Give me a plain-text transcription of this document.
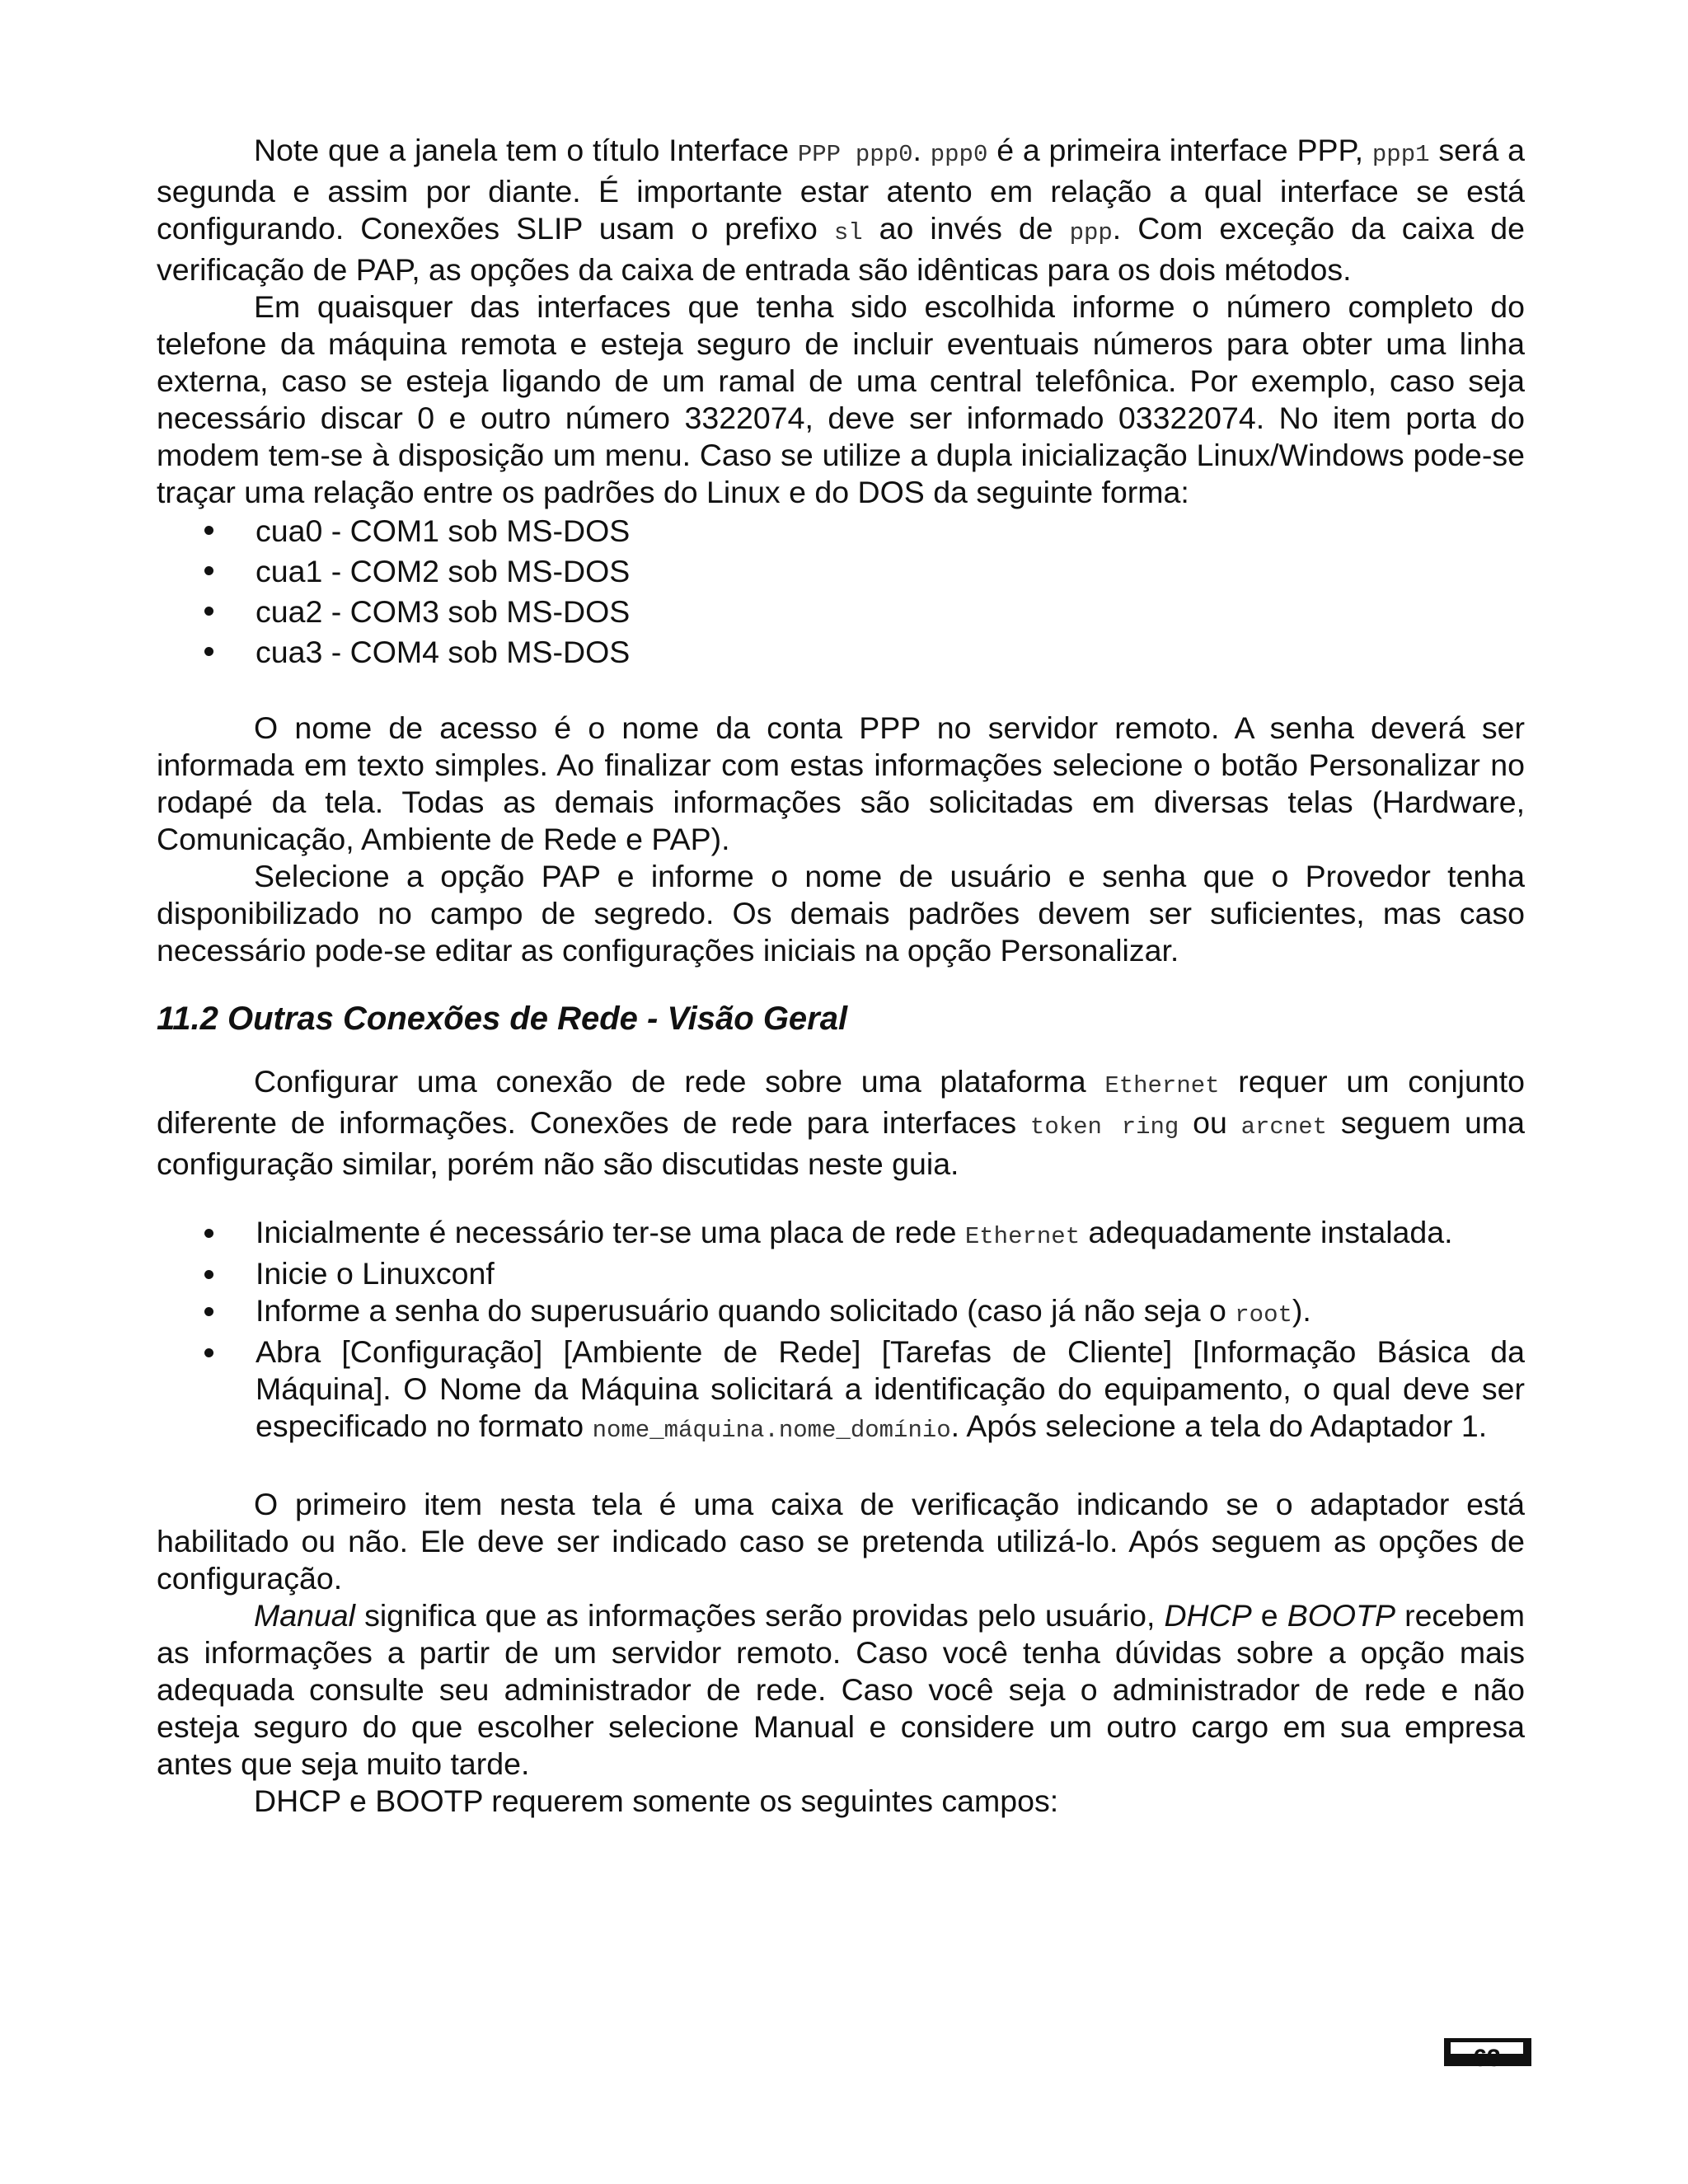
Note que a janela tem o título Interface PPP ppp0. ppp0 é a primeira interface PPP, ppp1 será a segunda e assim por diante. É importante estar atento em relação a qual interface se está configurando. Conexões SLIP usam o prefixo sl ao invés de ppp. Com exceção da caixa de verificação de PAP, as opções da caixa de entrada são idênticas para os dois métodos.

Em quaisquer das interfaces que tenha sido escolhida informe o número completo do telefone da máquina remota e esteja seguro de incluir eventuais números para obter uma linha externa, caso se esteja ligando de um ramal de uma central telefônica. Por exemplo, caso seja necessário discar 0 e outro número 3322074, deve ser informado 03322074. No item porta do modem tem-se à disposição um menu. Caso se utilize a dupla inicialização Linux/Windows pode-se traçar uma relação entre os padrões do Linux e do DOS da seguinte forma:

cua0 - COM1 sob MS-DOS
cua1 - COM2 sob MS-DOS
cua2 - COM3 sob MS-DOS
cua3 - COM4 sob MS-DOS

O nome de acesso é o nome da conta PPP no servidor remoto. A senha deverá ser informada em texto simples. Ao finalizar com estas informações selecione o botão Personalizar no rodapé da tela. Todas as demais informações são solicitadas em diversas telas (Hardware, Comunicação, Ambiente de Rede e PAP).

Selecione a opção PAP e informe o nome de usuário e senha que o Provedor tenha disponibilizado no campo de segredo. Os demais padrões devem ser suficientes, mas caso necessário pode-se editar as configurações iniciais na opção Personalizar.

11.2 Outras Conexões de Rede - Visão Geral

Configurar uma conexão de rede sobre uma plataforma Ethernet requer um conjunto diferente de informações. Conexões de rede para interfaces token ring ou arcnet seguem uma configuração similar, porém não são discutidas neste guia.

Inicialmente é necessário ter-se uma placa de rede Ethernet adequadamente instalada.
Inicie o Linuxconf
Informe a senha do superusuário quando solicitado (caso já não seja o root).
Abra [Configuração] [Ambiente de Rede] [Tarefas de Cliente] [Informação Básica da Máquina]. O Nome da Máquina solicitará a identificação do equipamento, o qual deve ser especificado no formato nome_máquina.nome_domínio. Após selecione a tela do Adaptador 1.

O primeiro item nesta tela é uma caixa de verificação indicando se o adaptador está habilitado ou não. Ele deve ser indicado caso se pretenda utilizá-lo. Após seguem as opções de configuração.

Manual significa que as informações serão providas pelo usuário, DHCP e BOOTP recebem as informações a partir de um servidor remoto. Caso você tenha dúvidas sobre a opção mais adequada consulte seu administrador de rede. Caso você seja o administrador de rede e não esteja seguro do que escolher selecione Manual e considere um outro cargo em sua empresa antes que seja muito tarde.

DHCP e BOOTP requerem somente os seguintes campos:

63
